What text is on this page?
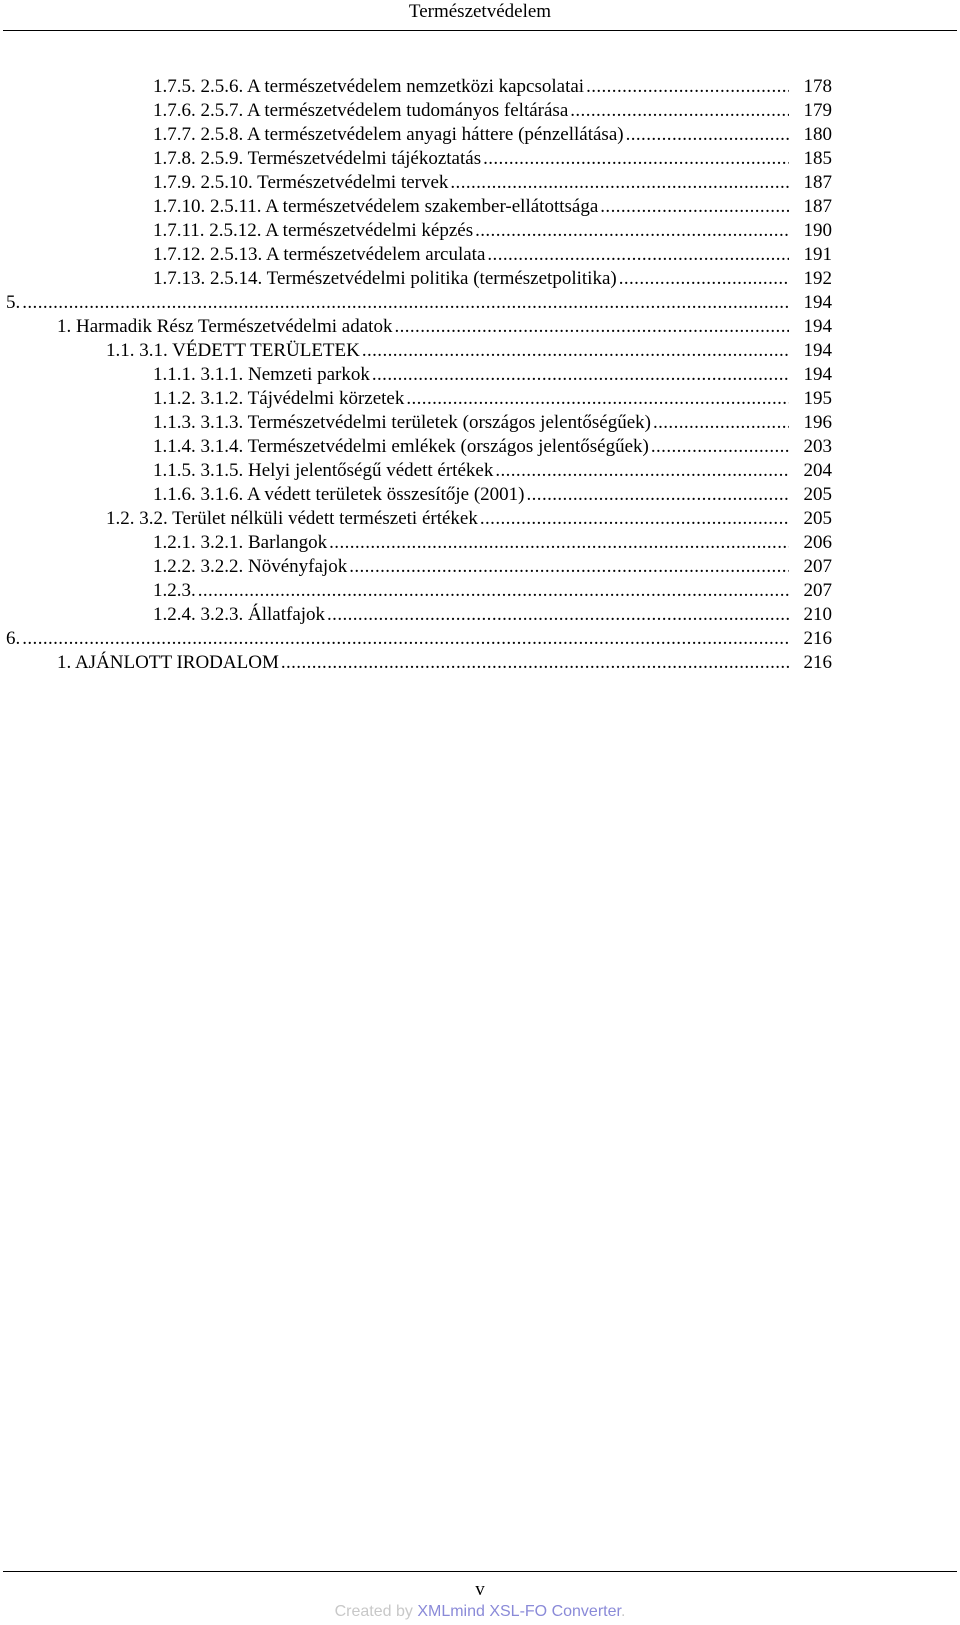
Természetvédelem
1.7.5. 2.5.6. A természetvédelem nemzetközi kapcsolatai .....	178
1.7.6. 2.5.7. A természetvédelem tudományos feltárása .....	179
1.7.7. 2.5.8. A természetvédelem anyagi háttere (pénzellátása) .....	180
1.7.8. 2.5.9. Természetvédelmi tájékoztatás .....	185
1.7.9. 2.5.10. Természetvédelmi tervek .....	187
1.7.10. 2.5.11. A természetvédelem szakember-ellátottsága .....	187
1.7.11. 2.5.12. A természetvédelmi képzés .....	190
1.7.12. 2.5.13. A természetvédelem arculata .....	191
1.7.13. 2.5.14. Természetvédelmi politika (természetpolitika) .....	192
5. .....	194
1. Harmadik Rész Természetvédelmi adatok .....	194
1.1. 3.1. VÉDETT TERÜLETEK .....	194
1.1.1. 3.1.1. Nemzeti parkok .....	194
1.1.2. 3.1.2. Tájvédelmi körzetek .....	195
1.1.3. 3.1.3. Természetvédelmi területek (országos jelentőségűek) .....	196
1.1.4. 3.1.4. Természetvédelmi emlékek (országos jelentőségűek) .....	203
1.1.5. 3.1.5. Helyi jelentőségű védett értékek .....	204
1.1.6. 3.1.6. A védett területek összesítője (2001) .....	205
1.2. 3.2. Terület nélküli védett természeti értékek .....	205
1.2.1. 3.2.1. Barlangok .....	206
1.2.2. 3.2.2. Növényfajok .....	207
1.2.3. .....	207
1.2.4. 3.2.3. Állatfajok .....	210
6. .....	216
1. AJÁNLOTT IRODALOM .....	216
v
Created by XMLmind XSL-FO Converter.
